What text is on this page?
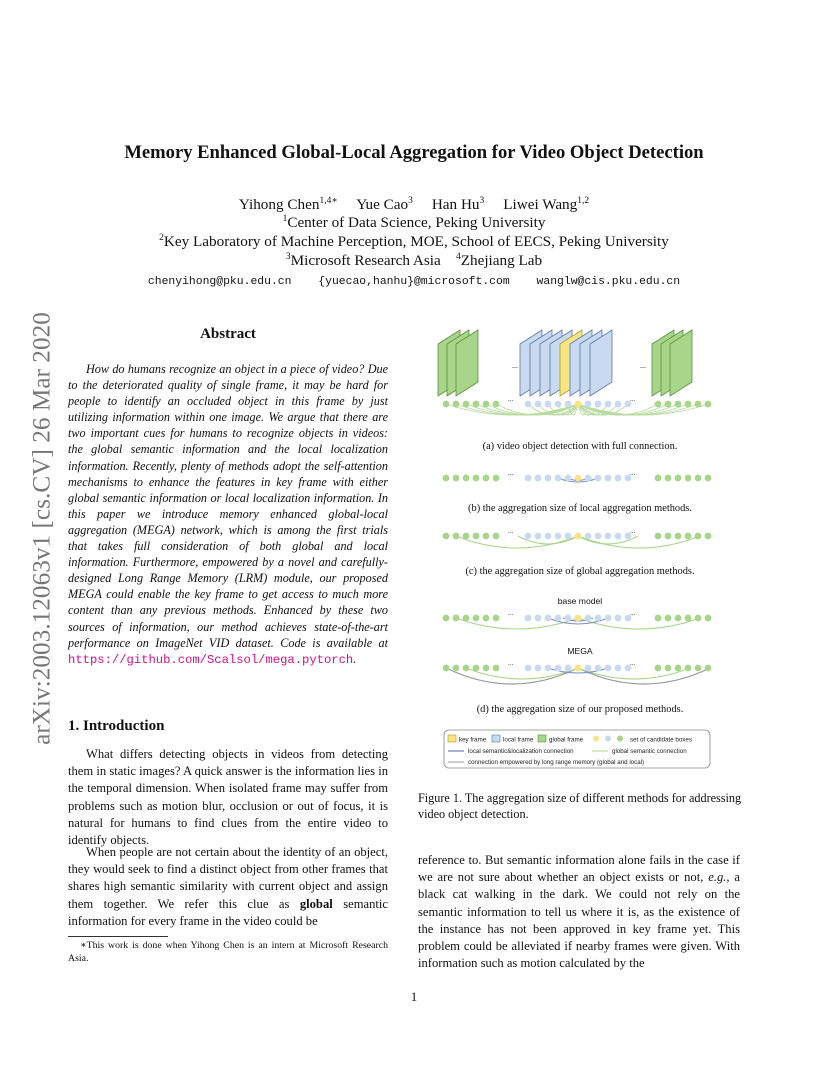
Memory Enhanced Global-Local Aggregation for Video Object Detection
Yihong Chen$^{1,4∗}$ Yue Cao$^3$ Han Hu$^3$ Liwei Wang$^{1,2}$
$^1$Center of Data Science, Peking University
$^2$Key Laboratory of Machine Perception, MOE, School of EECS, Peking University
$^3$Microsoft Research Asia $^4$Zhejiang Lab
chenyihong@pku.edu.cn {yuecao,hanhu}@microsoft.com wanglw@cis.pku.edu.cn
arXiv:2003.12063v1 [cs.CV] 26 Mar 2020	Abstract
How do humans recognize an object in a piece of video? Due to the deteriorated quality of single frame, it may be hard for people to identify an occluded object in this frame by just utilizing information within one image. We argue that there are two important cues for humans to recognize objects in videos: the global semantic information and the local localization information. Recently, plenty of methods adopt the self-attention mechanisms to enhance the features in key frame with either global semantic information or local localization information. In this paper we introduce memory enhanced global-local aggregation (MEGA) network, which is among the first trials that takes full consideration of both global and local information. Furthermore, empowered by a novel and carefully-designed Long Range Memory (LRM) module, our proposed MEGA could enable the key frame to get access to much more content than any previous methods. Enhanced by these two sources of information, our method achieves state-of-the-art performance on ImageNet VID dataset. Code is available at https://github.com/Scalsol/mega.pytorch.
1. Introduction
What differs detecting objects in videos from detecting them in static images? A quick answer is the information lies in the temporal dimension. When isolated frame may suffer from problems such as motion blur, occlusion or out of focus, it is natural for humans to find clues from the entire video to identify objects.
When people are not certain about the identity of an object, they would seek to find a distinct object from other frames that shares high semantic similarity with current object and assign them together. We refer this clue as global semantic information for every frame in the video could be
∗This work is done when Yihong Chen is an intern at Microsoft Research Asia.
...	...
...	...
...	...
...	...
...	...
...	...
key frame	local frame	global frame	set of candidate boxes
local semantic&localization connection	global semantic connection
connection empowered by long range memory (global and local)
(a) video object detection with full connection.
(b) the aggregation size of local aggregation methods.
(c) the aggregation size of global aggregation methods.
base model
MEGA
(d) the aggregation size of our proposed methods.
Figure 1. The aggregation size of different methods for addressing video object detection.
reference to. But semantic information alone fails in the case if we are not sure about whether an object exists or not, e.g., a black cat walking in the dark. We could not rely on the semantic information to tell us where it is, as the existence of the instance has not been approved in key frame yet. This problem could be alleviated if nearby frames were given. With information such as motion calculated by the
1
